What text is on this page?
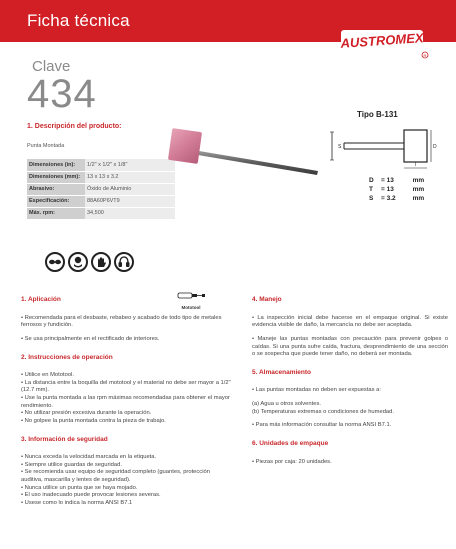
Ficha técnica
AUSTROMEX
R
Clave
434
1. Descripción del producto:
Punta Montada
Dimensiones (in):	1/2" x 1/2" x 1/8"
Dimensiones (mm):	13 x 13 x 3.2
Abrasivo:	Óxido de Aluminio
Especificación:	88A60P6VT9
Máx. rpm:	34,500
Tipo B-131
S	D
T
D	= 13	mm
T	= 13	mm
S	= 3.2	mm
Mototool
1. Aplicación
• Recomendada para el desbaste, rebabeo y acabado de todo tipo de metales ferrosos y fundición.
• Se usa principalmente en el rectificado de interiores.
2. Instrucciones de operación
• Utilice en Mototool.
• La distancia entre la boquilla del mototool y el material no debe ser mayor a 1/2" (12.7 mm).
• Use la punta montada a las rpm máximas recomendadas para obtener el mayor rendimiento.
• No utilizar presión excesiva durante la operación.
• No golpee la punta montada contra la pieza de trabajo.
3. Información de seguridad
• Nunca exceda la velocidad marcada en la etiqueta.
• Siempre utilice guardas de seguridad.
• Se recomienda usar equipo de seguridad completo (guantes, protección auditiva, mascarilla y lentes de seguridad).
• Nunca utilice un punta que se haya mojado.
• El uso inadecuado puede provocar lesiones severas.
• Usese como lo indica la norma ANSI B7.1
4. Manejo
• La inspección inicial debe hacerse en el empaque original. Si existe evidencia visible de daño, la mercancía no debe ser aceptada.
• Maneje las puntas montadas con precaución para prevenir golpes o caídas. Si una punta sufre caída, fractura, desprendimiento de una sección o se sospecha que puede tener daño, no deberá ser montada.
5. Almacenamiento
• Las puntas montadas no deben ser expuestas a:
(a) Agua u otros solventes.
(b) Temperaturas extremas o condiciones de humedad.
• Para más información consultar la norma ANSI B7.1.
6. Unidades de empaque
• Piezas por caja: 20 unidades.
